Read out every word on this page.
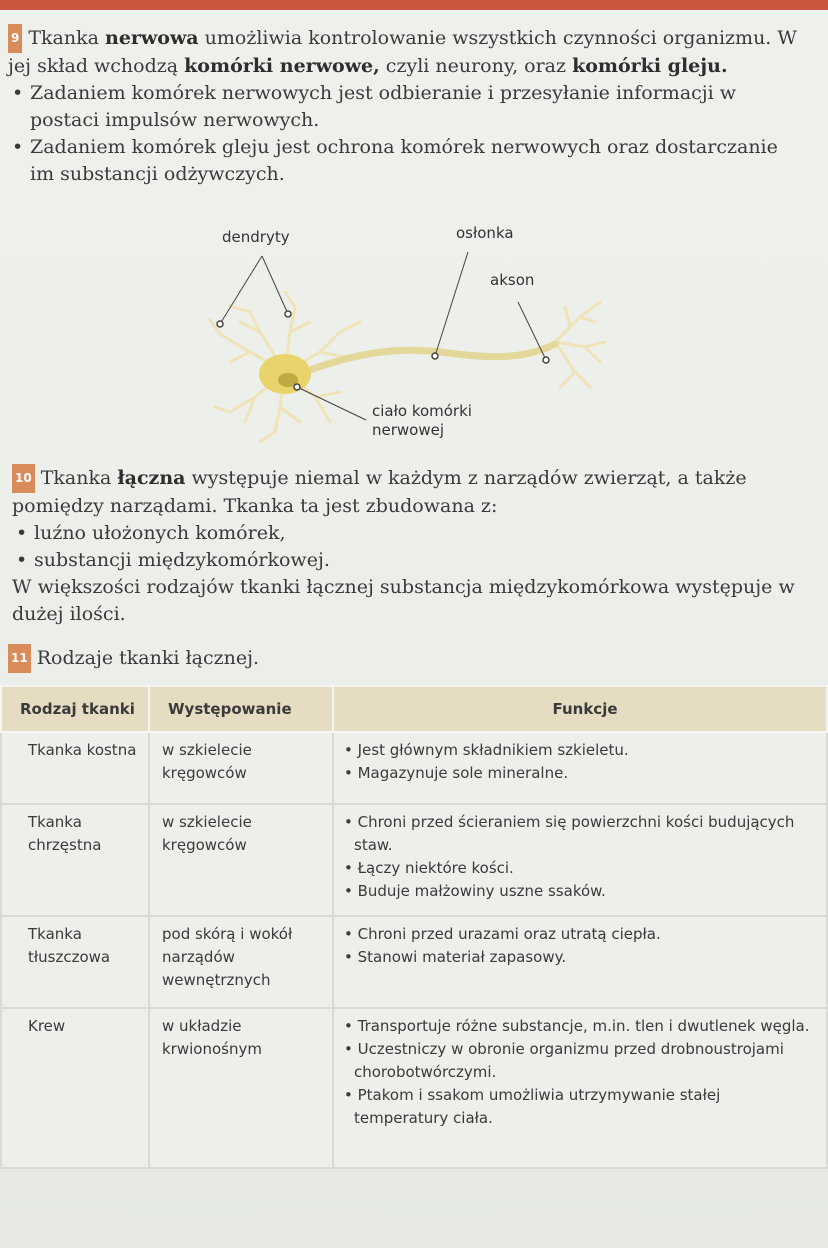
9 Tkanka nerwowa umożliwia kontrolowanie wszystkich czynności organizmu. W jej skład wchodzą komórki nerwowe, czyli neurony, oraz komórki gleju.
• Zadaniem komórek nerwowych jest odbieranie i przesyłanie informacji w postaci impulsów nerwowych.
• Zadaniem komórek gleju jest ochrona komórek nerwowych oraz dostarczanie im substancji odżywczych.
dendryty	osłonka
akson
ciało komórki
nerwowej
10 Tkanka łączna występuje niemal w każdym z narządów zwierząt, a także pomiędzy narządami. Tkanka ta jest zbudowana z:
• luźno ułożonych komórek,
• substancji międzykomórkowej.
W większości rodzajów tkanki łącznej substancja międzykomórkowa występuje w dużej ilości.
11 Rodzaje tkanki łącznej.
Rodzaj tkanki	Występowanie	Funkcje
Tkanka kostna	w szkielecie kręgowców	• Jest głównym składnikiem szkieletu.
• Magazynuje sole mineralne.

Tkanka chrzęstna	w szkielecie kręgowców	• Chroni przed ścieraniem się powierzchni kości budujących staw.
• Łączy niektóre kości.
• Buduje małżowiny uszne ssaków.

Tkanka tłuszczowa	pod skórą i wokół narządów wewnętrznych	• Chroni przed urazami oraz utratą ciepła.
• Stanowi materiał zapasowy.

Krew	w układzie krwionośnym	• Transportuje różne substancje, m.in. tlen i dwutlenek węgla.
• Uczestniczy w obronie organizmu przed drobnoustrojami chorobotwórczymi.
• Ptakom i ssakom umożliwia utrzymywanie stałej temperatury ciała.
